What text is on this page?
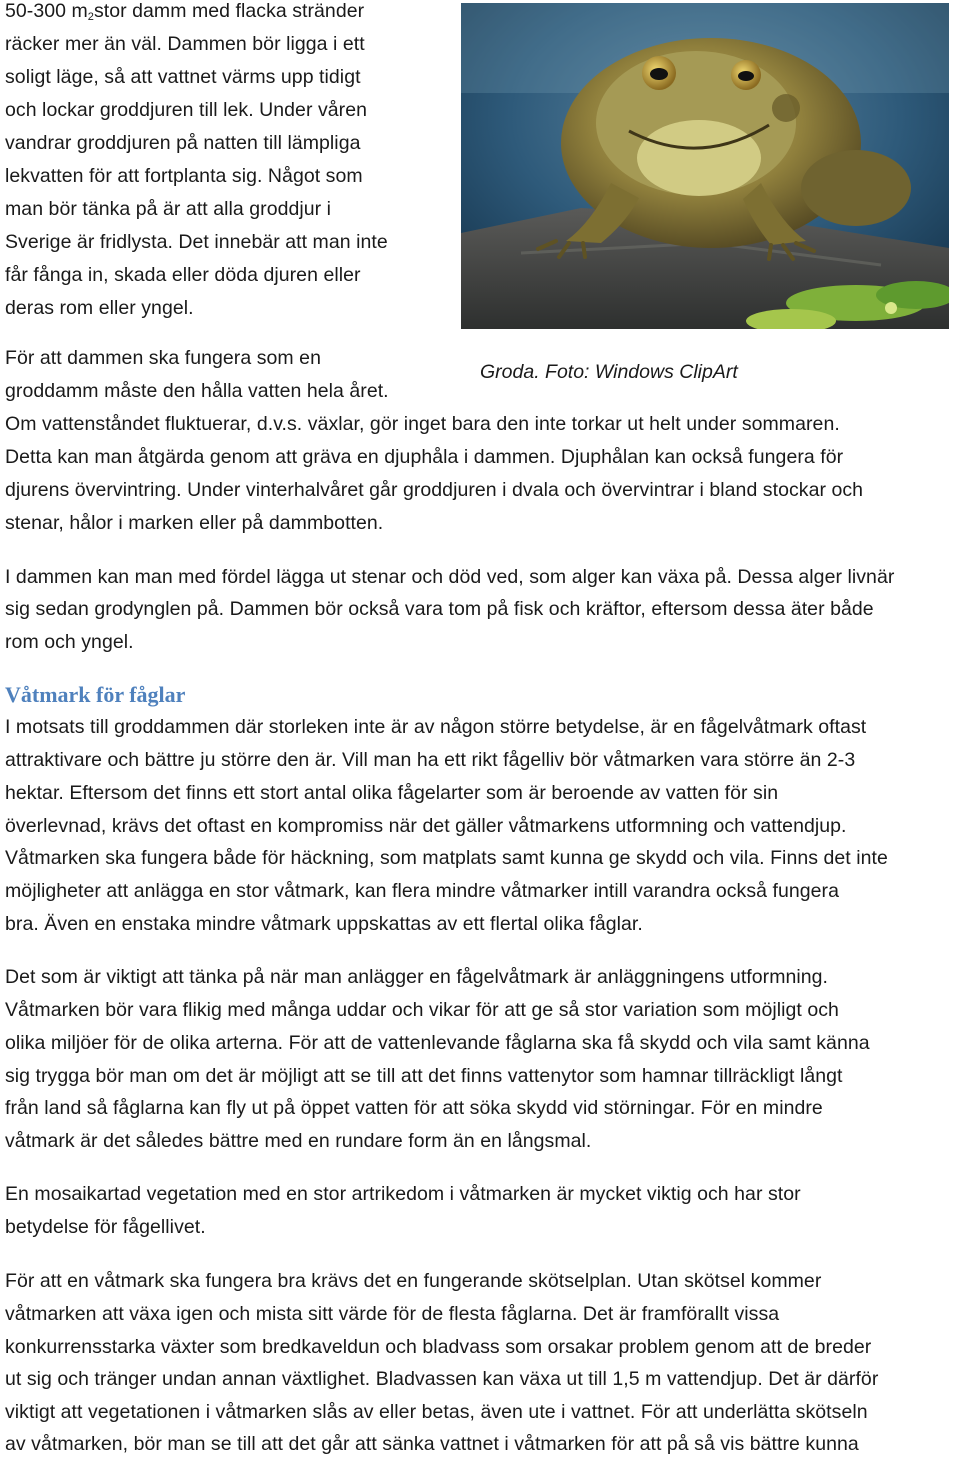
50-300 $m_2stor$ damm med flacka stränder
räcker mer än väl. Dammen bör ligga i ett
soligt läge, så att vattnet värms upp tidigt
och lockar groddjuren till lek. Under våren
vandrar groddjuren på natten till lämpliga
lekvatten för att fortplanta sig. Något som
man bör tänka på är att alla groddjur i
Sverige är fridlysta. Det innebär att man inte
får fånga in, skada eller döda djuren eller
deras rom eller yngel.
För att dammen ska fungera som en
Groda. Foto: Windows ClipArt
groddamm måste den hålla vatten hela året.
Om vattenståndet fluktuerar, d.v.s. växlar, gör inget bara den inte torkar ut helt under sommaren.
Detta kan man åtgärda genom att gräva en djuphåla i dammen. Djuphålan kan också fungera för
djurens övervintring. Under vinterhalvåret går groddjuren i dvala och övervintrar i bland stockar och
stenar, hålor i marken eller på dammbotten.
I dammen kan man med fördel lägga ut stenar och död ved, som alger kan växa på. Dessa alger livnär
sig sedan grodynglen på. Dammen bör också vara tom på fisk och kräftor, eftersom dessa äter både
rom och yngel.
Våtmark för fåglar
I motsats till groddammen där storleken inte är av någon större betydelse, är en fågelvåtmark oftast
attraktivare och bättre ju större den är. Vill man ha ett rikt fågelliv bör våtmarken vara större än 2-3
hektar. Eftersom det finns ett stort antal olika fågelarter som är beroende av vatten för sin
överlevnad, krävs det oftast en kompromiss när det gäller våtmarkens utformning och vattendjup.
Våtmarken ska fungera både för häckning, som matplats samt kunna ge skydd och vila. Finns det inte
möjligheter att anlägga en stor våtmark, kan flera mindre våtmarker intill varandra också fungera
bra. Även en enstaka mindre våtmark uppskattas av ett flertal olika fåglar.
Det som är viktigt att tänka på när man anlägger en fågelvåtmark är anläggningens utformning.
Våtmarken bör vara flikig med många uddar och vikar för att ge så stor variation som möjligt och
olika miljöer för de olika arterna. För att de vattenlevande fåglarna ska få skydd och vila samt känna
sig trygga bör man om det är möjligt att se till att det finns vattenytor som hamnar tillräckligt långt
från land så fåglarna kan fly ut på öppet vatten för att söka skydd vid störningar. För en mindre
våtmark är det således bättre med en rundare form än en långsmal.
En mosaikartad vegetation med en stor artrikedom i våtmarken är mycket viktig och har stor
betydelse för fågellivet.
För att en våtmark ska fungera bra krävs det en fungerande skötselplan. Utan skötsel kommer
våtmarken att växa igen och mista sitt värde för de flesta fåglarna. Det är framförallt vissa
konkurrensstarka växter som bredkaveldun och bladvass som orsakar problem genom att de breder
ut sig och tränger undan annan växtlighet. Bladvassen kan växa ut till 1,5 m vattendjup. Det är därför
viktigt att vegetationen i våtmarken slås av eller betas, även ute i vattnet. För att underlätta skötseln
av våtmarken, bör man se till att det går att sänka vattnet i våtmarken för att på så vis bättre kunna
